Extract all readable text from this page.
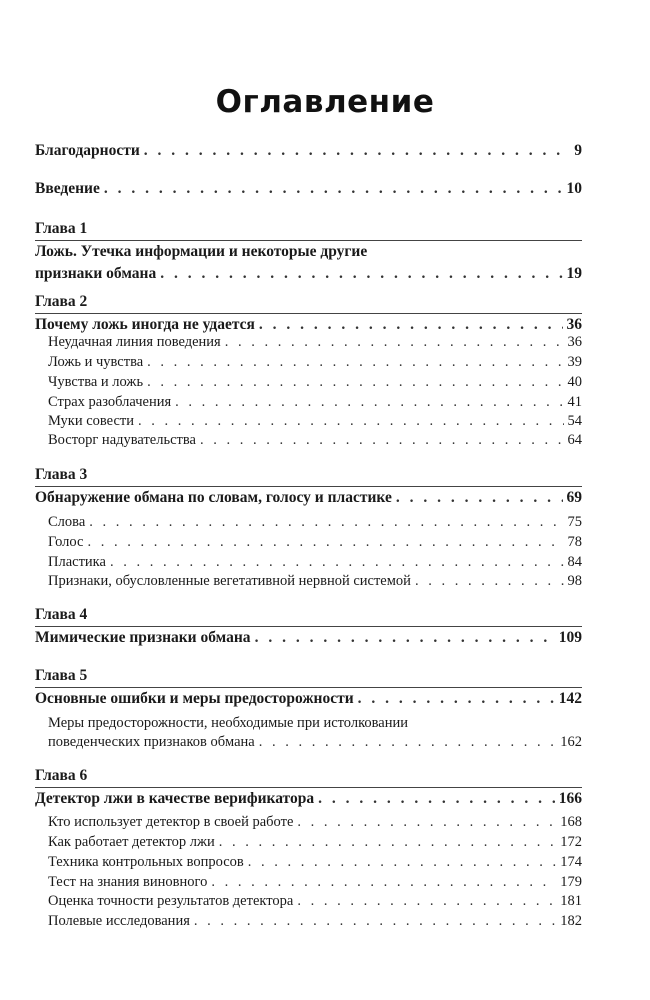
Оглавление
Благодарности . . .	9
Введение . . .	10
Глава 1
Ложь. Утечка информации и некоторые другие
признаки обмана . . .	19
Глава 2
Почему ложь иногда не удается . . .	36
Неудачная линия поведения . . .	36
Ложь и чувства . . .	39
Чувства и ложь . . .	40
Страх разоблачения . . .	41
Муки совести . . .	54
Восторг надувательства . . .	64
Глава 3
Обнаружение обмана по словам, голосу и пластике . . .	69
Слова . . .	75
Голос . . .	78
Пластика . . .	84
Признаки, обусловленные вегетативной нервной системой . . .	98
Глава 4
Мимические признаки обмана . . .	109
Глава 5
Основные ошибки и меры предосторожности . . .	142
Меры предосторожности, необходимые при истолковании
поведенческих признаков обмана . . .	162
Глава 6
Детектор лжи в качестве верификатора . . .	166
Кто использует детектор в своей работе . . .	168
Как работает детектор лжи . . .	172
Техника контрольных вопросов . . .	174
Тест на знания виновного . . .	179
Оценка точности результатов детектора . . .	181
Полевые исследования . . .	182
